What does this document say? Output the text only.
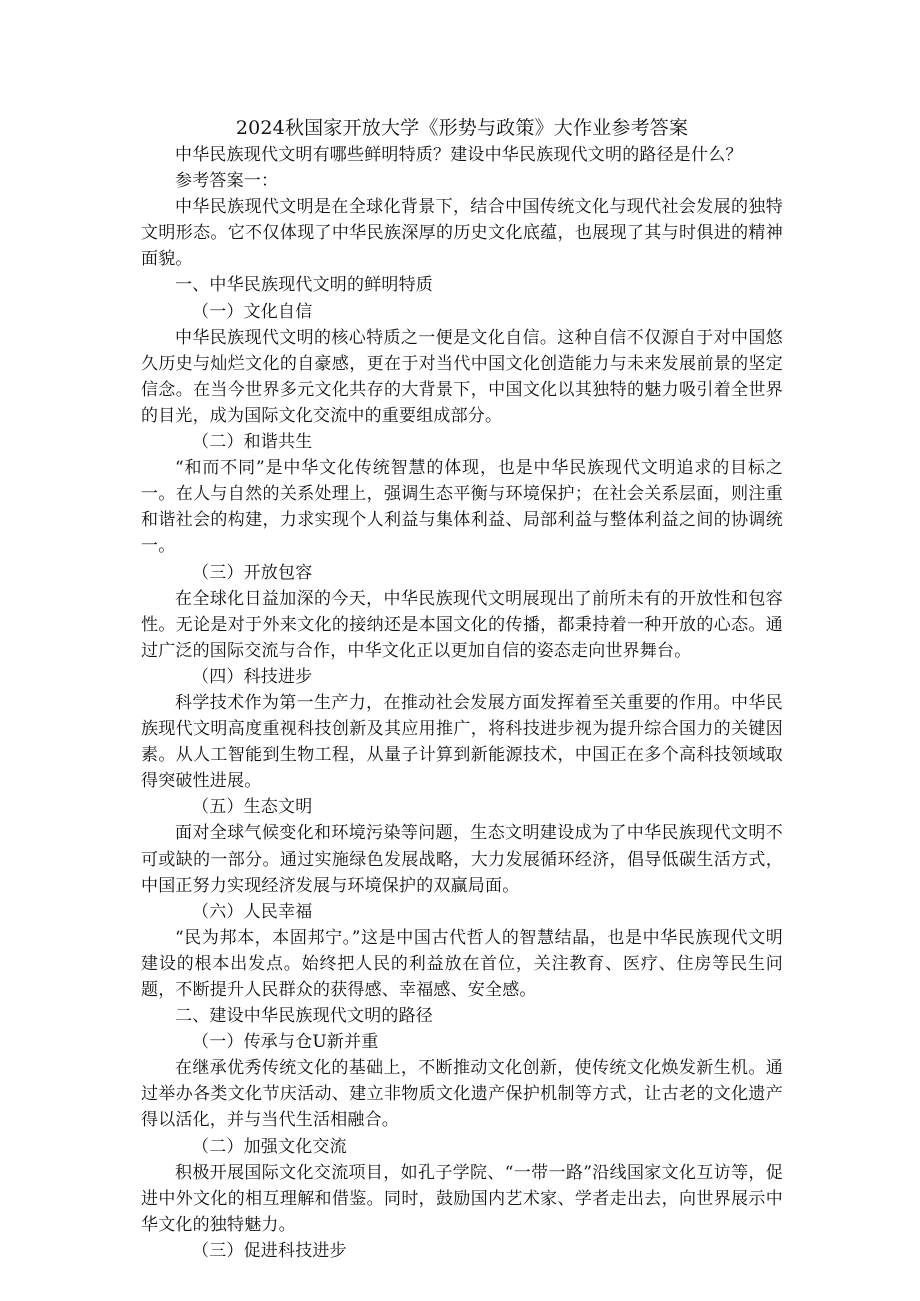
2024秋国家开放大学《形势与政策》大作业参考答案

中华民族现代文明有哪些鲜明特质？建设中华民族现代文明的路径是什么？

参考答案一：

中华民族现代文明是在全球化背景下，结合中国传统文化与现代社会发展的独特文明形态。它不仅体现了中华民族深厚的历史文化底蕴，也展现了其与时俱进的精神面貌。

一、中华民族现代文明的鲜明特质

（一）文化自信

中华民族现代文明的核心特质之一便是文化自信。这种自信不仅源自于对中国悠久历史与灿烂文化的自豪感，更在于对当代中国文化创造能力与未来发展前景的坚定信念。在当今世界多元文化共存的大背景下，中国文化以其独特的魅力吸引着全世界的目光，成为国际文化交流中的重要组成部分。

（二）和谐共生

“和而不同”是中华文化传统智慧的体现，也是中华民族现代文明追求的目标之一。在人与自然的关系处理上，强调生态平衡与环境保护；在社会关系层面，则注重和谐社会的构建，力求实现个人利益与集体利益、局部利益与整体利益之间的协调统一。

（三）开放包容

在全球化日益加深的今天，中华民族现代文明展现出了前所未有的开放性和包容性。无论是对于外来文化的接纳还是本国文化的传播，都秉持着一种开放的心态。通过广泛的国际交流与合作，中华文化正以更加自信的姿态走向世界舞台。

（四）科技进步

科学技术作为第一生产力，在推动社会发展方面发挥着至关重要的作用。中华民族现代文明高度重视科技创新及其应用推广，将科技进步视为提升综合国力的关键因素。从人工智能到生物工程，从量子计算到新能源技术，中国正在多个高科技领域取得突破性进展。

（五）生态文明

面对全球气候变化和环境污染等问题，生态文明建设成为了中华民族现代文明不可或缺的一部分。通过实施绿色发展战略，大力发展循环经济，倡导低碳生活方式，中国正努力实现经济发展与环境保护的双赢局面。

（六）人民幸福

“民为邦本，本固邦宁。”这是中国古代哲人的智慧结晶，也是中华民族现代文明建设的根本出发点。始终把人民的利益放在首位，关注教育、医疗、住房等民生问题，不断提升人民群众的获得感、幸福感、安全感。

二、建设中华民族现代文明的路径

（一）传承与仓U新并重

在继承优秀传统文化的基础上，不断推动文化创新，使传统文化焕发新生机。通过举办各类文化节庆活动、建立非物质文化遗产保护机制等方式，让古老的文化遗产得以活化，并与当代生活相融合。

（二）加强文化交流

积极开展国际文化交流项目，如孔子学院、“一带一路”沿线国家文化互访等，促进中外文化的相互理解和借鉴。同时，鼓励国内艺术家、学者走出去，向世界展示中华文化的独特魅力。

（三）促进科技进步
